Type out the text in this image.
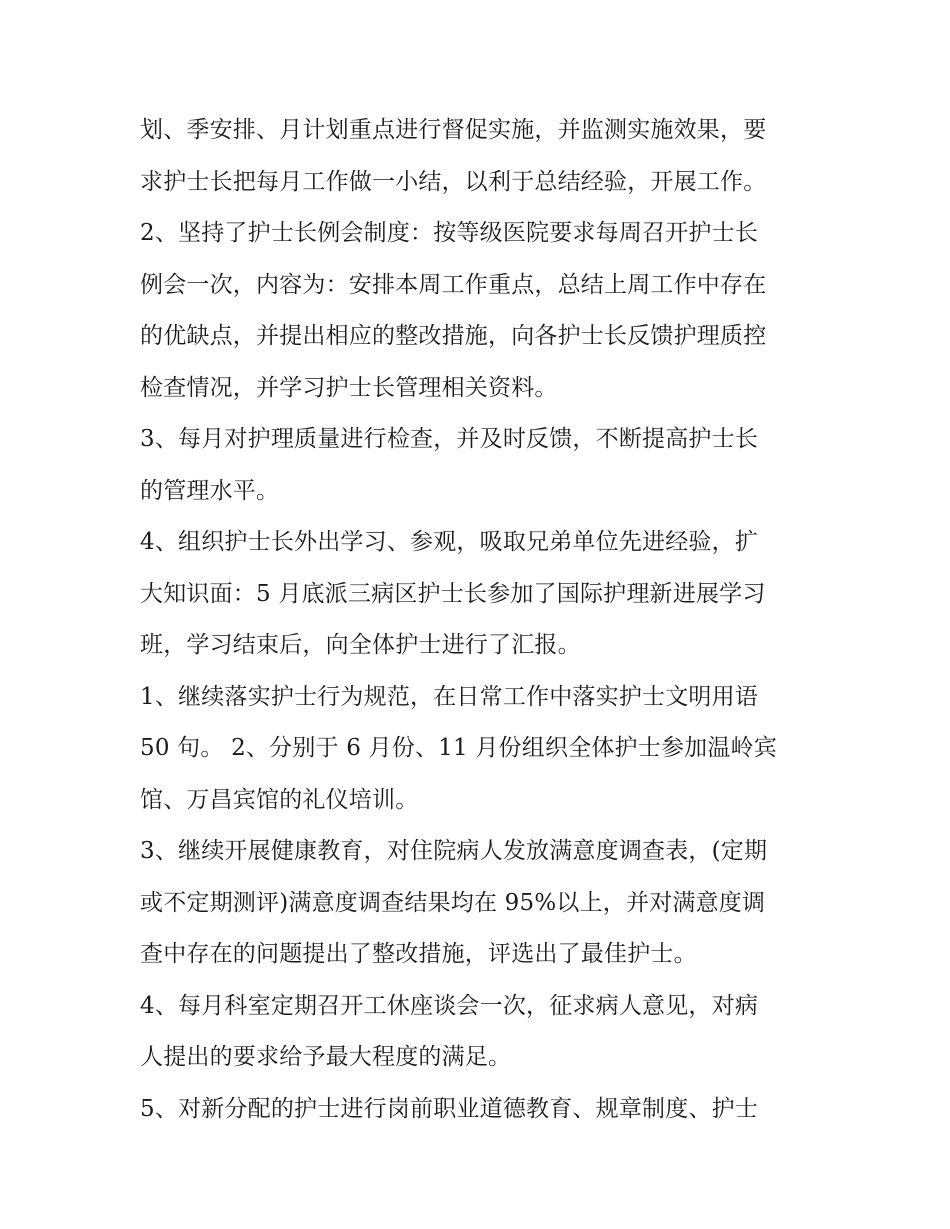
划、季安排、月计划重点进行督促实施，并监测实施效果，要
求护士长把每月工作做一小结，以利于总结经验，开展工作。
2、坚持了护士长例会制度：按等级医院要求每周召开护士长
例会一次，内容为：安排本周工作重点，总结上周工作中存在
的优缺点，并提出相应的整改措施，向各护士长反馈护理质控
检查情况，并学习护士长管理相关资料。
3、每月对护理质量进行检查，并及时反馈，不断提高护士长
的管理水平。
4、组织护士长外出学习、参观，吸取兄弟单位先进经验，扩
大知识面：5 月底派三病区护士长参加了国际护理新进展学习
班，学习结束后，向全体护士进行了汇报。
1、继续落实护士行为规范，在日常工作中落实护士文明用语
50 句。 2、分别于 6 月份、11 月份组织全体护士参加温岭宾
馆、万昌宾馆的礼仪培训。
3、继续开展健康教育，对住院病人发放满意度调查表，(定期
或不定期测评)满意度调查结果均在 95%以上，并对满意度调
查中存在的问题提出了整改措施，评选出了最佳护士。
4、每月科室定期召开工休座谈会一次，征求病人意见，对病
人提出的要求给予最大程度的满足。
5、对新分配的护士进行岗前职业道德教育、规章制度、护士
